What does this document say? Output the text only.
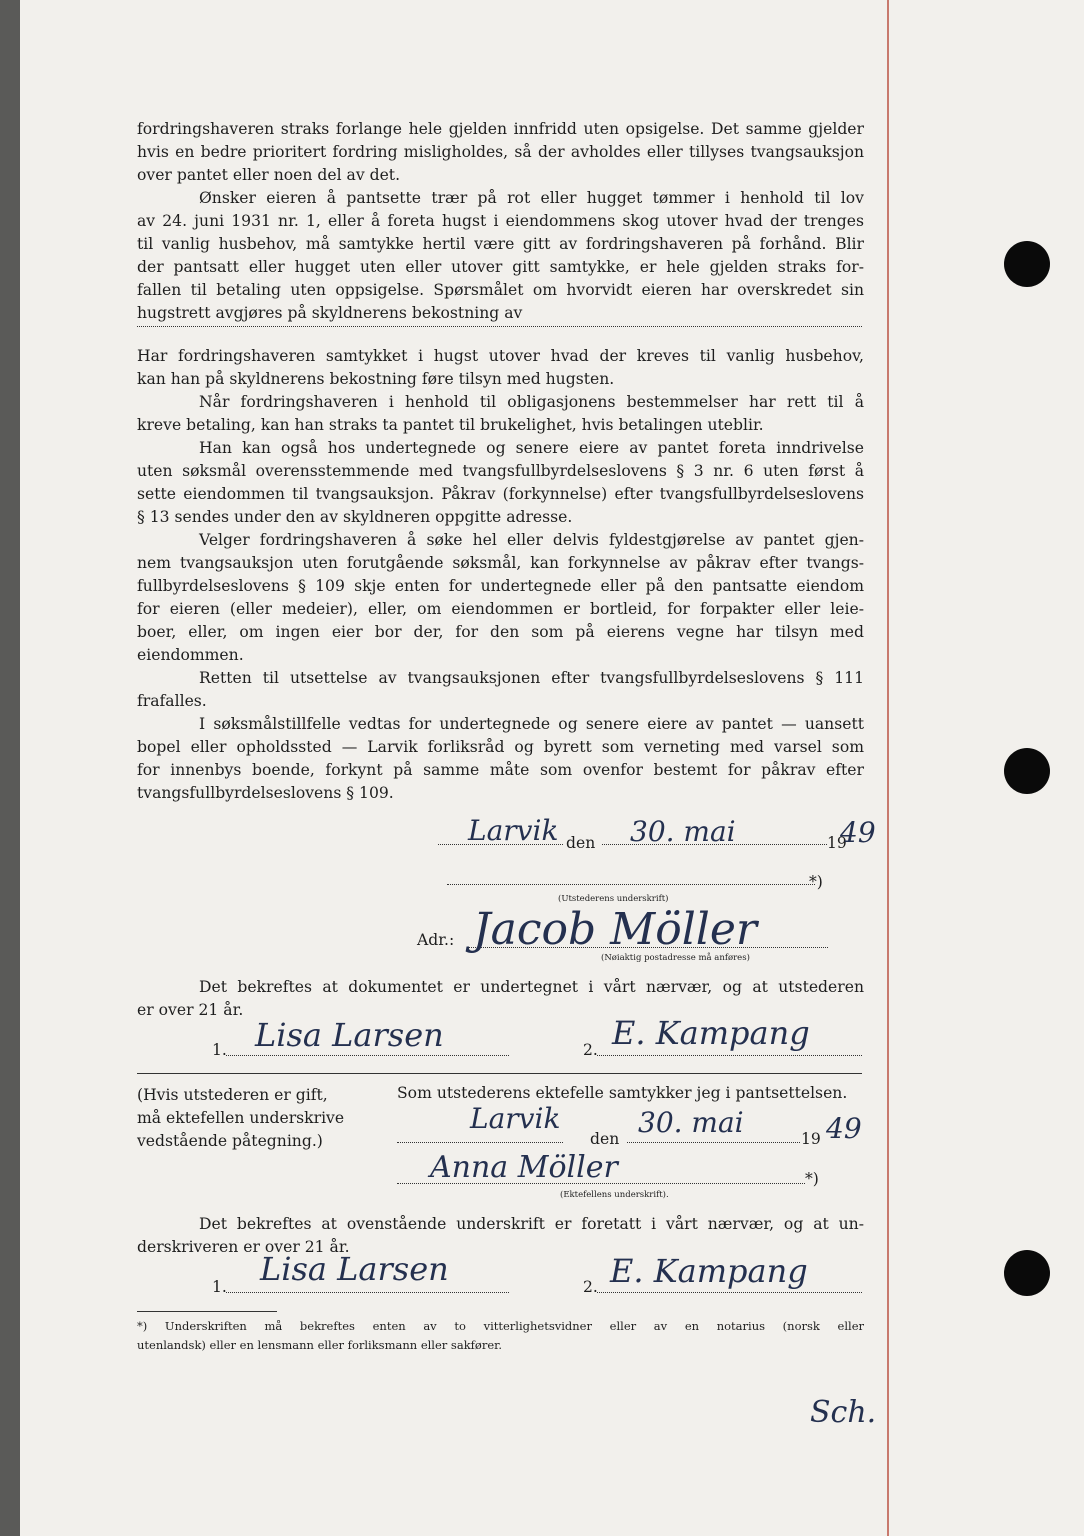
fordringshaveren straks forlange hele gjelden innfridd uten opsigelse. Det samme gjelder

hvis en bedre prioritert fordring misligholdes, så der avholdes eller tillyses tvangsauksjon

over pantet eller noen del av det.

Ønsker eieren å pantsette trær på rot eller hugget tømmer i henhold til lov

av 24. juni 1931 nr. 1, eller å foreta hugst i eiendommens skog utover hvad der trenges

til vanlig husbehov, må samtykke hertil være gitt av fordringshaveren på forhånd. Blir

der pantsatt eller hugget uten eller utover gitt samtykke, er hele gjelden straks for-

fallen til betaling uten oppsigelse. Spørsmålet om hvorvidt eieren har overskredet sin

hugstrett avgjøres på skyldnerens bekostning av

Har fordringshaveren samtykket i hugst utover hvad der kreves til vanlig husbehov,

kan han på skyldnerens bekostning føre tilsyn med hugsten.

Når fordringshaveren i henhold til obligasjonens bestemmelser har rett til å

kreve betaling, kan han straks ta pantet til brukelighet, hvis betalingen uteblir.

Han kan også hos undertegnede og senere eiere av pantet foreta inndrivelse

uten søksmål overensstemmende med tvangsfullbyrdelseslovens § 3 nr. 6 uten først å

sette eiendommen til tvangsauksjon. Påkrav (forkynnelse) efter tvangsfullbyrdelseslovens

§ 13 sendes under den av skyldneren oppgitte adresse.

Velger fordringshaveren å søke hel eller delvis fyldestgjørelse av pantet gjen-

nem tvangsauksjon uten forutgående søksmål, kan forkynnelse av påkrav efter tvangs-

fullbyrdelseslovens § 109 skje enten for undertegnede eller på den pantsatte eiendom

for eieren (eller medeier), eller, om eiendommen er bortleid, for forpakter eller leie-

boer, eller, om ingen eier bor der, for den som på eierens vegne har tilsyn med

eiendommen.

Retten til utsettelse av tvangsauksjonen efter tvangsfullbyrdelseslovens § 111

frafalles.

I søksmålstillfelle vedtas for undertegnede og senere eiere av pantet — uansett

bopel eller opholdssted — Larvik forliksråd og byrett som verneting med varsel som

for innenbys boende, forkynt på samme måte som ovenfor bestemt for påkrav efter

tvangsfullbyrdelseslovens § 109.

Larvik den 30. mai	19
49
*)
(Utstederens underskrift)
Adr.: Jacob Möller
(Nøiaktig postadresse må anføres)

Det bekreftes at dokumentet er undertegnet i vårt nærvær, og at utstederen

er over 21 år.

1. Lisa Larsen	2. E. Kampang
(Hvis utstederen er gift,
må ektefellen underskrive
vedstående påtegning.)
Som utstederens ektefelle samtykker jeg i pantsettelsen.
Larvik
den 30. mai	19 49
Anna Möller	*)
(Ektefellens underskrift).

Det bekreftes at ovenstående underskrift er foretatt i vårt nærvær, og at un-

derskriveren er over 21 år.

1. Lisa Larsen	2. E. Kampang

*) Underskriften må bekreftes enten av to vitterlighetsvidner eller av en notarius (norsk eller

utenlandsk) eller en lensmann eller forliksmann eller sakfører.

Sch.
